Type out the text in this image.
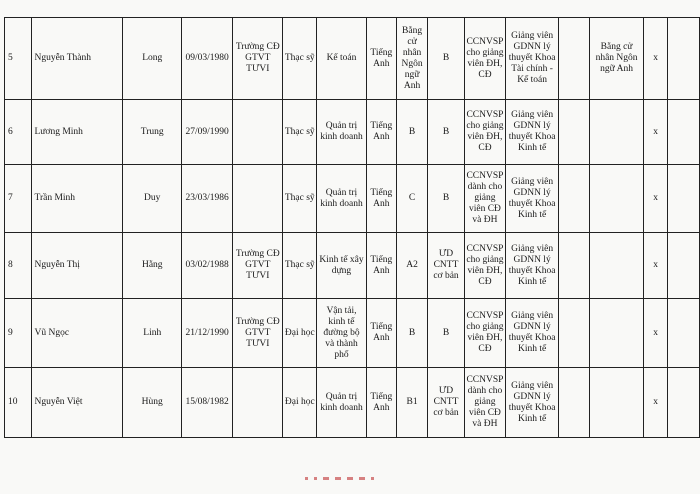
5	Nguyễn Thành	Long	09/03/1980	Trường CĐ GTVT TƯVI	Thạc sỹ	Kế toán	Tiếng Anh	Bằng cử nhân Ngôn ngữ Anh	B	CCNVSP cho giảng viên ĐH, CĐ	Giảng viên GDNN lý thuyết Khoa Tài chính - Kế toán		Bằng cử nhân Ngôn ngữ Anh	x	
6	Lương Minh	Trung	27/09/1990		Thạc sỹ	Quản trị kinh doanh	Tiếng Anh	B	B	CCNVSP cho giảng viên ĐH, CĐ	Giảng viên GDNN lý thuyết Khoa Kinh tế			x	
7	Trần Minh	Duy	23/03/1986		Thạc sỹ	Quản trị kinh doanh	Tiếng Anh	C	B	CCNVSP dành cho giảng viên CĐ và ĐH	Giảng viên GDNN lý thuyết Khoa Kinh tế			x	
8	Nguyễn Thị	Hằng	03/02/1988	Trường CĐ GTVT TƯVI	Thạc sỹ	Kinh tế xây dựng	Tiếng Anh	A2	ƯD CNTT cơ bản	CCNVSP cho giảng viên ĐH, CĐ	Giảng viên GDNN lý thuyết Khoa Kinh tế			x	
9	Vũ Ngọc	Linh	21/12/1990	Trường CĐ GTVT TƯVI	Đại học	Vận tải, kinh tế đường bộ và thành phố	Tiếng Anh	B	B	CCNVSP cho giảng viên ĐH, CĐ	Giảng viên GDNN lý thuyết Khoa Kinh tế			x	
10	Nguyễn Việt	Hùng	15/08/1982		Đại học	Quản trị kinh doanh	Tiếng Anh	B1	ƯD CNTT cơ bản	CCNVSP dành cho giảng viên CĐ và ĐH	Giảng viên GDNN lý thuyết Khoa Kinh tế			x	
